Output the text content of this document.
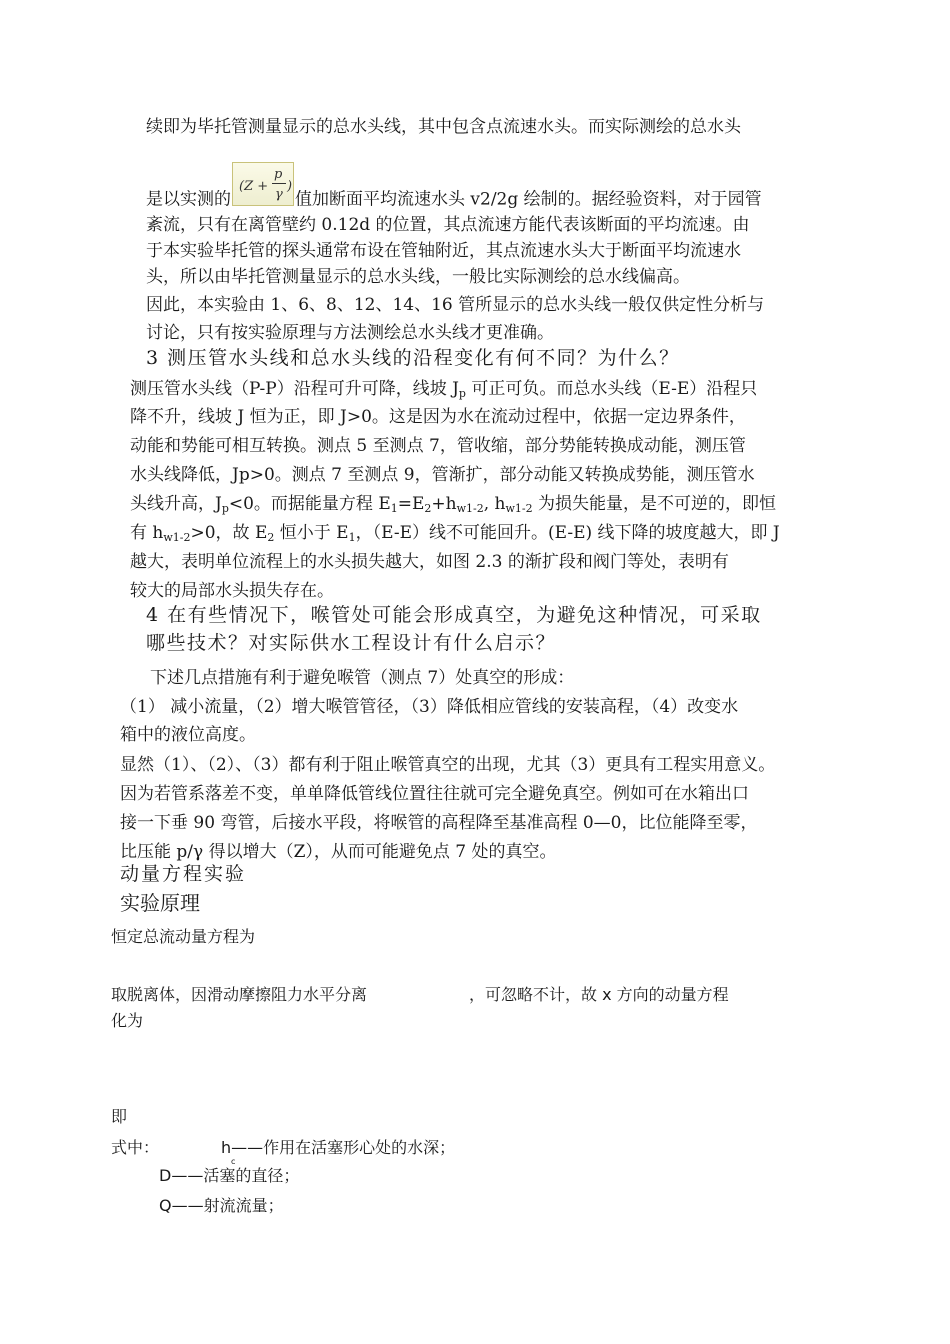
续即为毕托管测量显示的总水头线，其中包含点流速水头。而实际测绘的总水头
是以实测的
(Z +
p
γ
)
值加断面平均流速水头 v2/2g 绘制的。据经验资料，对于园管
紊流，只有在离管壁约 0.12d 的位置，其点流速方能代表该断面的平均流速。由
于本实验毕托管的探头通常布设在管轴附近，其点流速水头大于断面平均流速水
头，所以由毕托管测量显示的总水头线，一般比实际测绘的总水线偏高。
因此，本实验由 1、6、8、12、14、16 管所显示的总水头线一般仅供定性分析与
讨论，只有按实验原理与方法测绘总水头线才更准确。
3 测压管水头线和总水头线的沿程变化有何不同？为什么？
测压管水头线（P-P）沿程可升可降，线坡 $J_p$ 可正可负。而总水头线（E-E）沿程只
降不升，线坡 J 恒为正，即 J>0。这是因为水在流动过程中，依据一定边界条件，
动能和势能可相互转换。测点 5 至测点 7，管收缩，部分势能转换成动能，测压管
水头线降低，Jp>0。测点 7 至测点 9，管渐扩，部分动能又转换成势能，测压管水
头线升高，$J_p<0$。而据能量方程 $E_1=E_2+h_{w1-2}$, $h_{w1-2}$ 为损失能量，是不可逆的，即恒
有 $h_{w1-2}>0$，故 $E_2$ 恒小于 $E_1$，（E-E）线不可能回升。(E-E) 线下降的坡度越大，即 J
越大，表明单位流程上的水头损失越大，如图 2.3 的渐扩段和阀门等处，表明有
较大的局部水头损失存在。
4 在有些情况下，喉管处可能会形成真空，为避免这种情况，可采取
哪些技术？对实际供水工程设计有什么启示？
下述几点措施有利于避免喉管（测点 7）处真空的形成：
（1） 减小流量，（2）增大喉管管径，（3）降低相应管线的安装高程，（4）改变水
箱中的液位高度。
显然（1）、（2）、（3）都有利于阻止喉管真空的出现，尤其（3）更具有工程实用意义。
因为若管系落差不变，单单降低管线位置往往就可完全避免真空。例如可在水箱出口
接一下垂 90 弯管，后接水平段，将喉管的高程降至基准高程 0—0，比位能降至零，
比压能 p/γ 得以增大（Z），从而可能避免点 7 处的真空。
动量方程实验
实验原理
恒定总流动量方程为
取脱离体，因滑动摩擦阻力水平分离	，可忽略不计，故 x 方向的动量方程
化为
即
式中：	h
c
——作用在活塞形心处的水深；
D——活塞的直径；
Q——射流流量；
